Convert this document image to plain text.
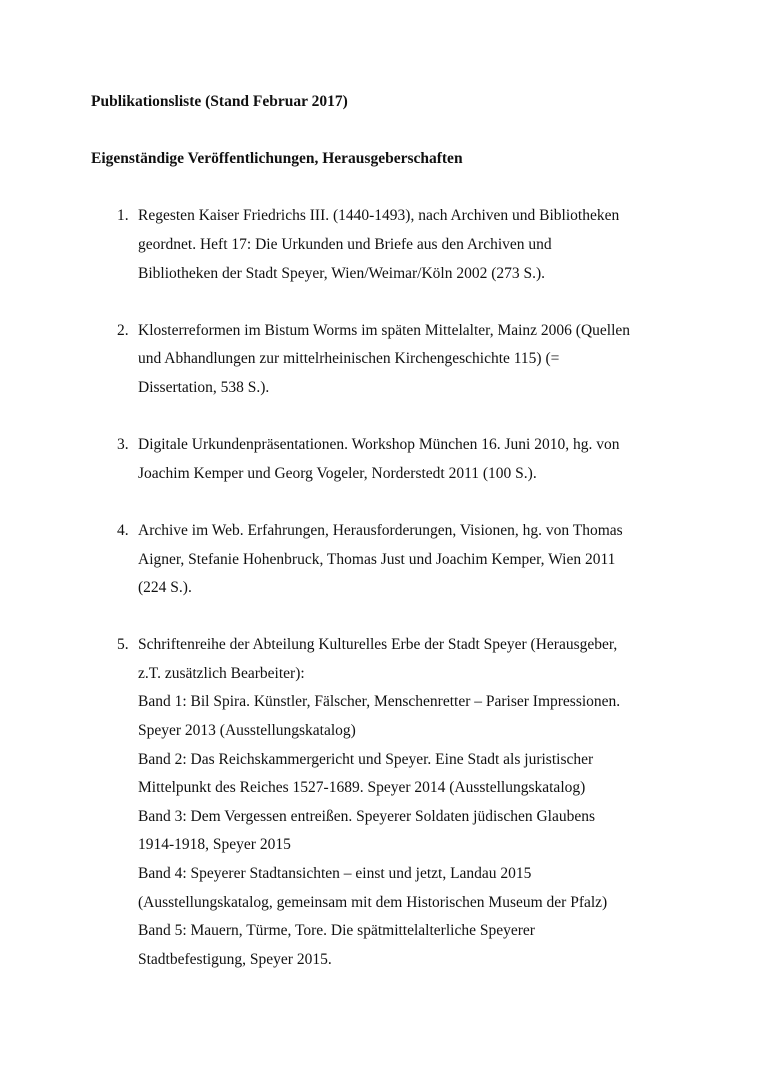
Publikationsliste (Stand Februar 2017)
Eigenständige Veröffentlichungen, Herausgeberschaften
1. Regesten Kaiser Friedrichs III. (1440-1493), nach Archiven und Bibliotheken
geordnet. Heft 17: Die Urkunden und Briefe aus den Archiven und
Bibliotheken der Stadt Speyer, Wien/Weimar/Köln 2002 (273 S.).
2. Klosterreformen im Bistum Worms im späten Mittelalter, Mainz 2006 (Quellen
und Abhandlungen zur mittelrheinischen Kirchengeschichte 115) (=
Dissertation, 538 S.).
3. Digitale Urkundenpräsentationen. Workshop München 16. Juni 2010, hg. von
Joachim Kemper und Georg Vogeler, Norderstedt 2011 (100 S.).
4. Archive im Web. Erfahrungen, Herausforderungen, Visionen, hg. von Thomas
Aigner, Stefanie Hohenbruck, Thomas Just und Joachim Kemper, Wien 2011
(224 S.).
5. Schriftenreihe der Abteilung Kulturelles Erbe der Stadt Speyer (Herausgeber,
z.T. zusätzlich Bearbeiter):
Band 1: Bil Spira. Künstler, Fälscher, Menschenretter – Pariser Impressionen.
Speyer 2013 (Ausstellungskatalog)
Band 2: Das Reichskammergericht und Speyer. Eine Stadt als juristischer
Mittelpunkt des Reiches 1527-1689. Speyer 2014 (Ausstellungskatalog)
Band 3: Dem Vergessen entreißen. Speyerer Soldaten jüdischen Glaubens
1914-1918, Speyer 2015
Band 4: Speyerer Stadtansichten – einst und jetzt, Landau 2015
(Ausstellungskatalog, gemeinsam mit dem Historischen Museum der Pfalz)
Band 5: Mauern, Türme, Tore. Die spätmittelalterliche Speyerer
Stadtbefestigung, Speyer 2015.
